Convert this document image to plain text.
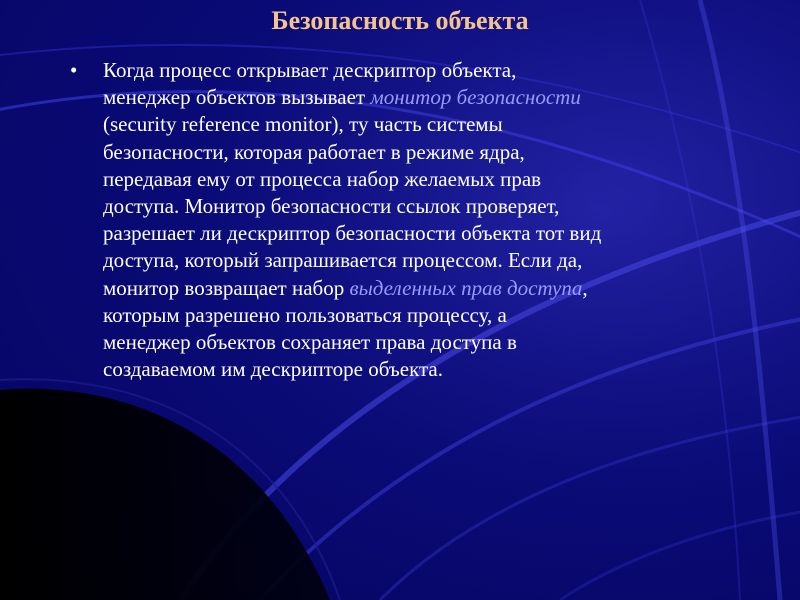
Безопасность объекта

• Когда процесс открывает дескриптор объекта,
менеджер объектов вызывает монитор безопасности
(security reference monitor), ту часть системы
безопасности, которая работает в режиме ядра,
передавая ему от процесса набор желаемых прав
доступа. Монитор безопасности ссылок проверяет,
разрешает ли дескриптор безопасности объекта тот вид
доступа, который запрашивается процессом. Если да,
монитор возвращает набор выделенных прав доступа,
которым разрешено пользоваться процессу, а
менеджер объектов сохраняет права доступа в
создаваемом им дескрипторе объекта.
